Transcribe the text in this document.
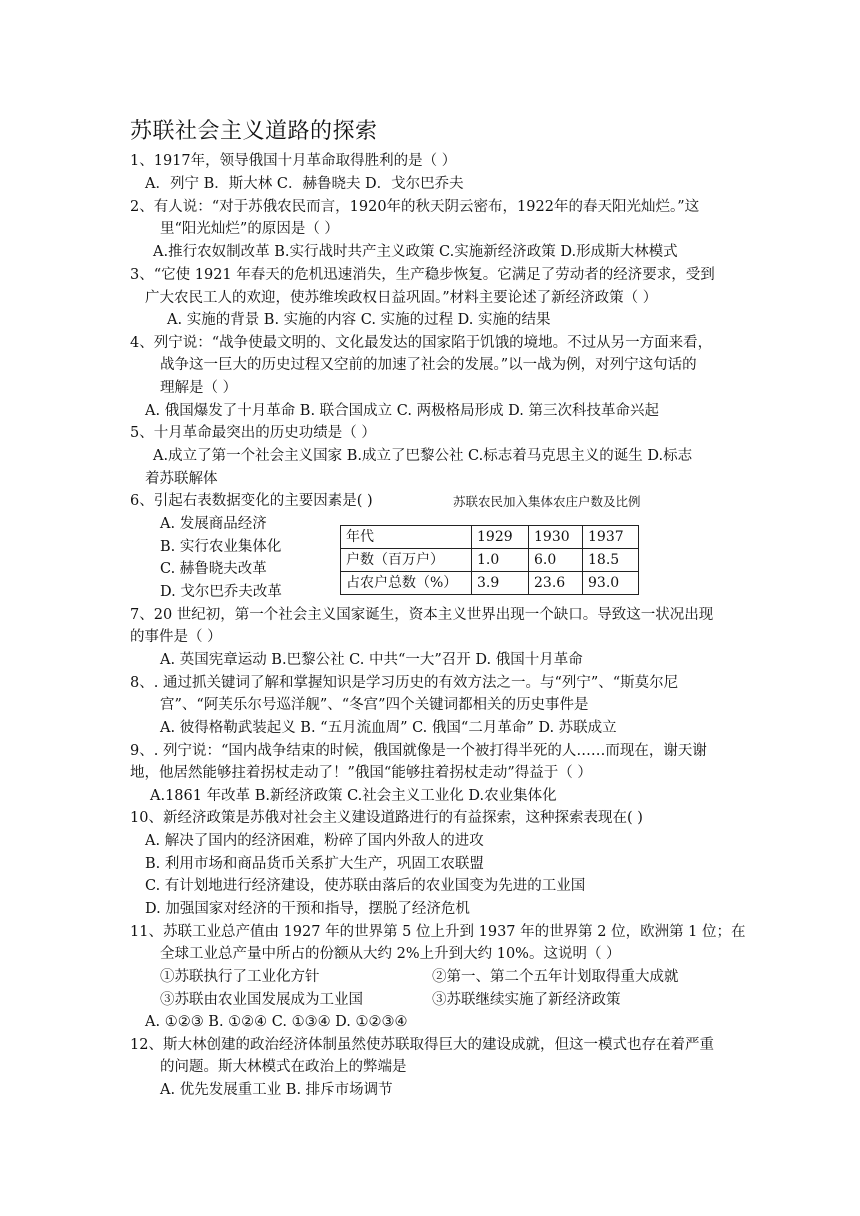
苏联社会主义道路的探索
1、1917年，领导俄国十月革命取得胜利的是（ ）
A．列宁 B．斯大林 C．赫鲁晓夫 D．戈尔巴乔夫
2、有人说：“对于苏俄农民而言，1920年的秋天阴云密布，1922年的春天阳光灿烂。”这
里“阳光灿烂”的原因是（ ）
A.推行农奴制改革 B.实行战时共产主义政策 C.实施新经济政策 D.形成斯大林模式
3、“它使 1921 年春天的危机迅速消失，生产稳步恢复。它满足了劳动者的经济要求，受到
广大农民工人的欢迎，使苏维埃政权日益巩固。”材料主要论述了新经济政策（ ）
A. 实施的背景 B. 实施的内容 C. 实施的过程 D. 实施的结果
4、列宁说：“战争使最文明的、文化最发达的国家陷于饥饿的境地。不过从另一方面来看，
战争这一巨大的历史过程又空前的加速了社会的发展。”以一战为例，对列宁这句话的
理解是（ ）
A. 俄国爆发了十月革命 B. 联合国成立 C. 两极格局形成 D. 第三次科技革命兴起
5、十月革命最突出的历史功绩是（ ）
A.成立了第一个社会主义国家 B.成立了巴黎公社 C.标志着马克思主义的诞生 D.标志
着苏联解体
6、引起右表数据变化的主要因素是( )
A. 发展商品经济
B. 实行农业集体化
C. 赫鲁晓夫改革
D. 戈尔巴乔夫改革
7、20 世纪初，第一个社会主义国家诞生，资本主义世界出现一个缺口。导致这一状况出现
的事件是（ ）
A. 英国宪章运动 B.巴黎公社 C. 中共“一大”召开 D. 俄国十月革命
8、. 通过抓关键词了解和掌握知识是学习历史的有效方法之一。与“列宁”、“斯莫尔尼
宫”、“阿芙乐尔号巡洋舰”、“冬宫”四个关键词都相关的历史事件是
A. 彼得格勒武装起义 B. “五月流血周” C. 俄国“二月革命” D. 苏联成立
9、. 列宁说：“国内战争结束的时候，俄国就像是一个被打得半死的人……而现在，谢天谢
地，他居然能够拄着拐杖走动了！”俄国“能够拄着拐杖走动”得益于（ ）
A.1861 年改革 B.新经济政策 C.社会主义工业化 D.农业集体化
10、新经济政策是苏俄对社会主义建设道路进行的有益探索，这种探索表现在( )
A. 解决了国内的经济困难，粉碎了国内外敌人的进攻
B. 利用市场和商品货币关系扩大生产，巩固工农联盟
C. 有计划地进行经济建设，使苏联由落后的农业国变为先进的工业国
D. 加强国家对经济的干预和指导，摆脱了经济危机
11、苏联工业总产值由 1927 年的世界第 5 位上升到 1937 年的世界第 2 位，欧洲第 1 位；在
全球工业总产量中所占的份额从大约 2%上升到大约 10%。这说明（ ）
①苏联执行了工业化方针	②第一、第二个五年计划取得重大成就
③苏联由农业国发展成为工业国	③苏联继续实施了新经济政策
A. ①②③ B. ①②④ C. ①③④ D. ①②③④
12、斯大林创建的政治经济体制虽然使苏联取得巨大的建设成就，但这一模式也存在着严重
的问题。斯大林模式在政治上的弊端是
A. 优先发展重工业 B. 排斥市场调节
苏联农民加入集体农庄户数及比例
年代	1929	1930	1937
户数（百万户）	1.0	6.0	18.5
占农户总数（%）	3.9	23.6	93.0
